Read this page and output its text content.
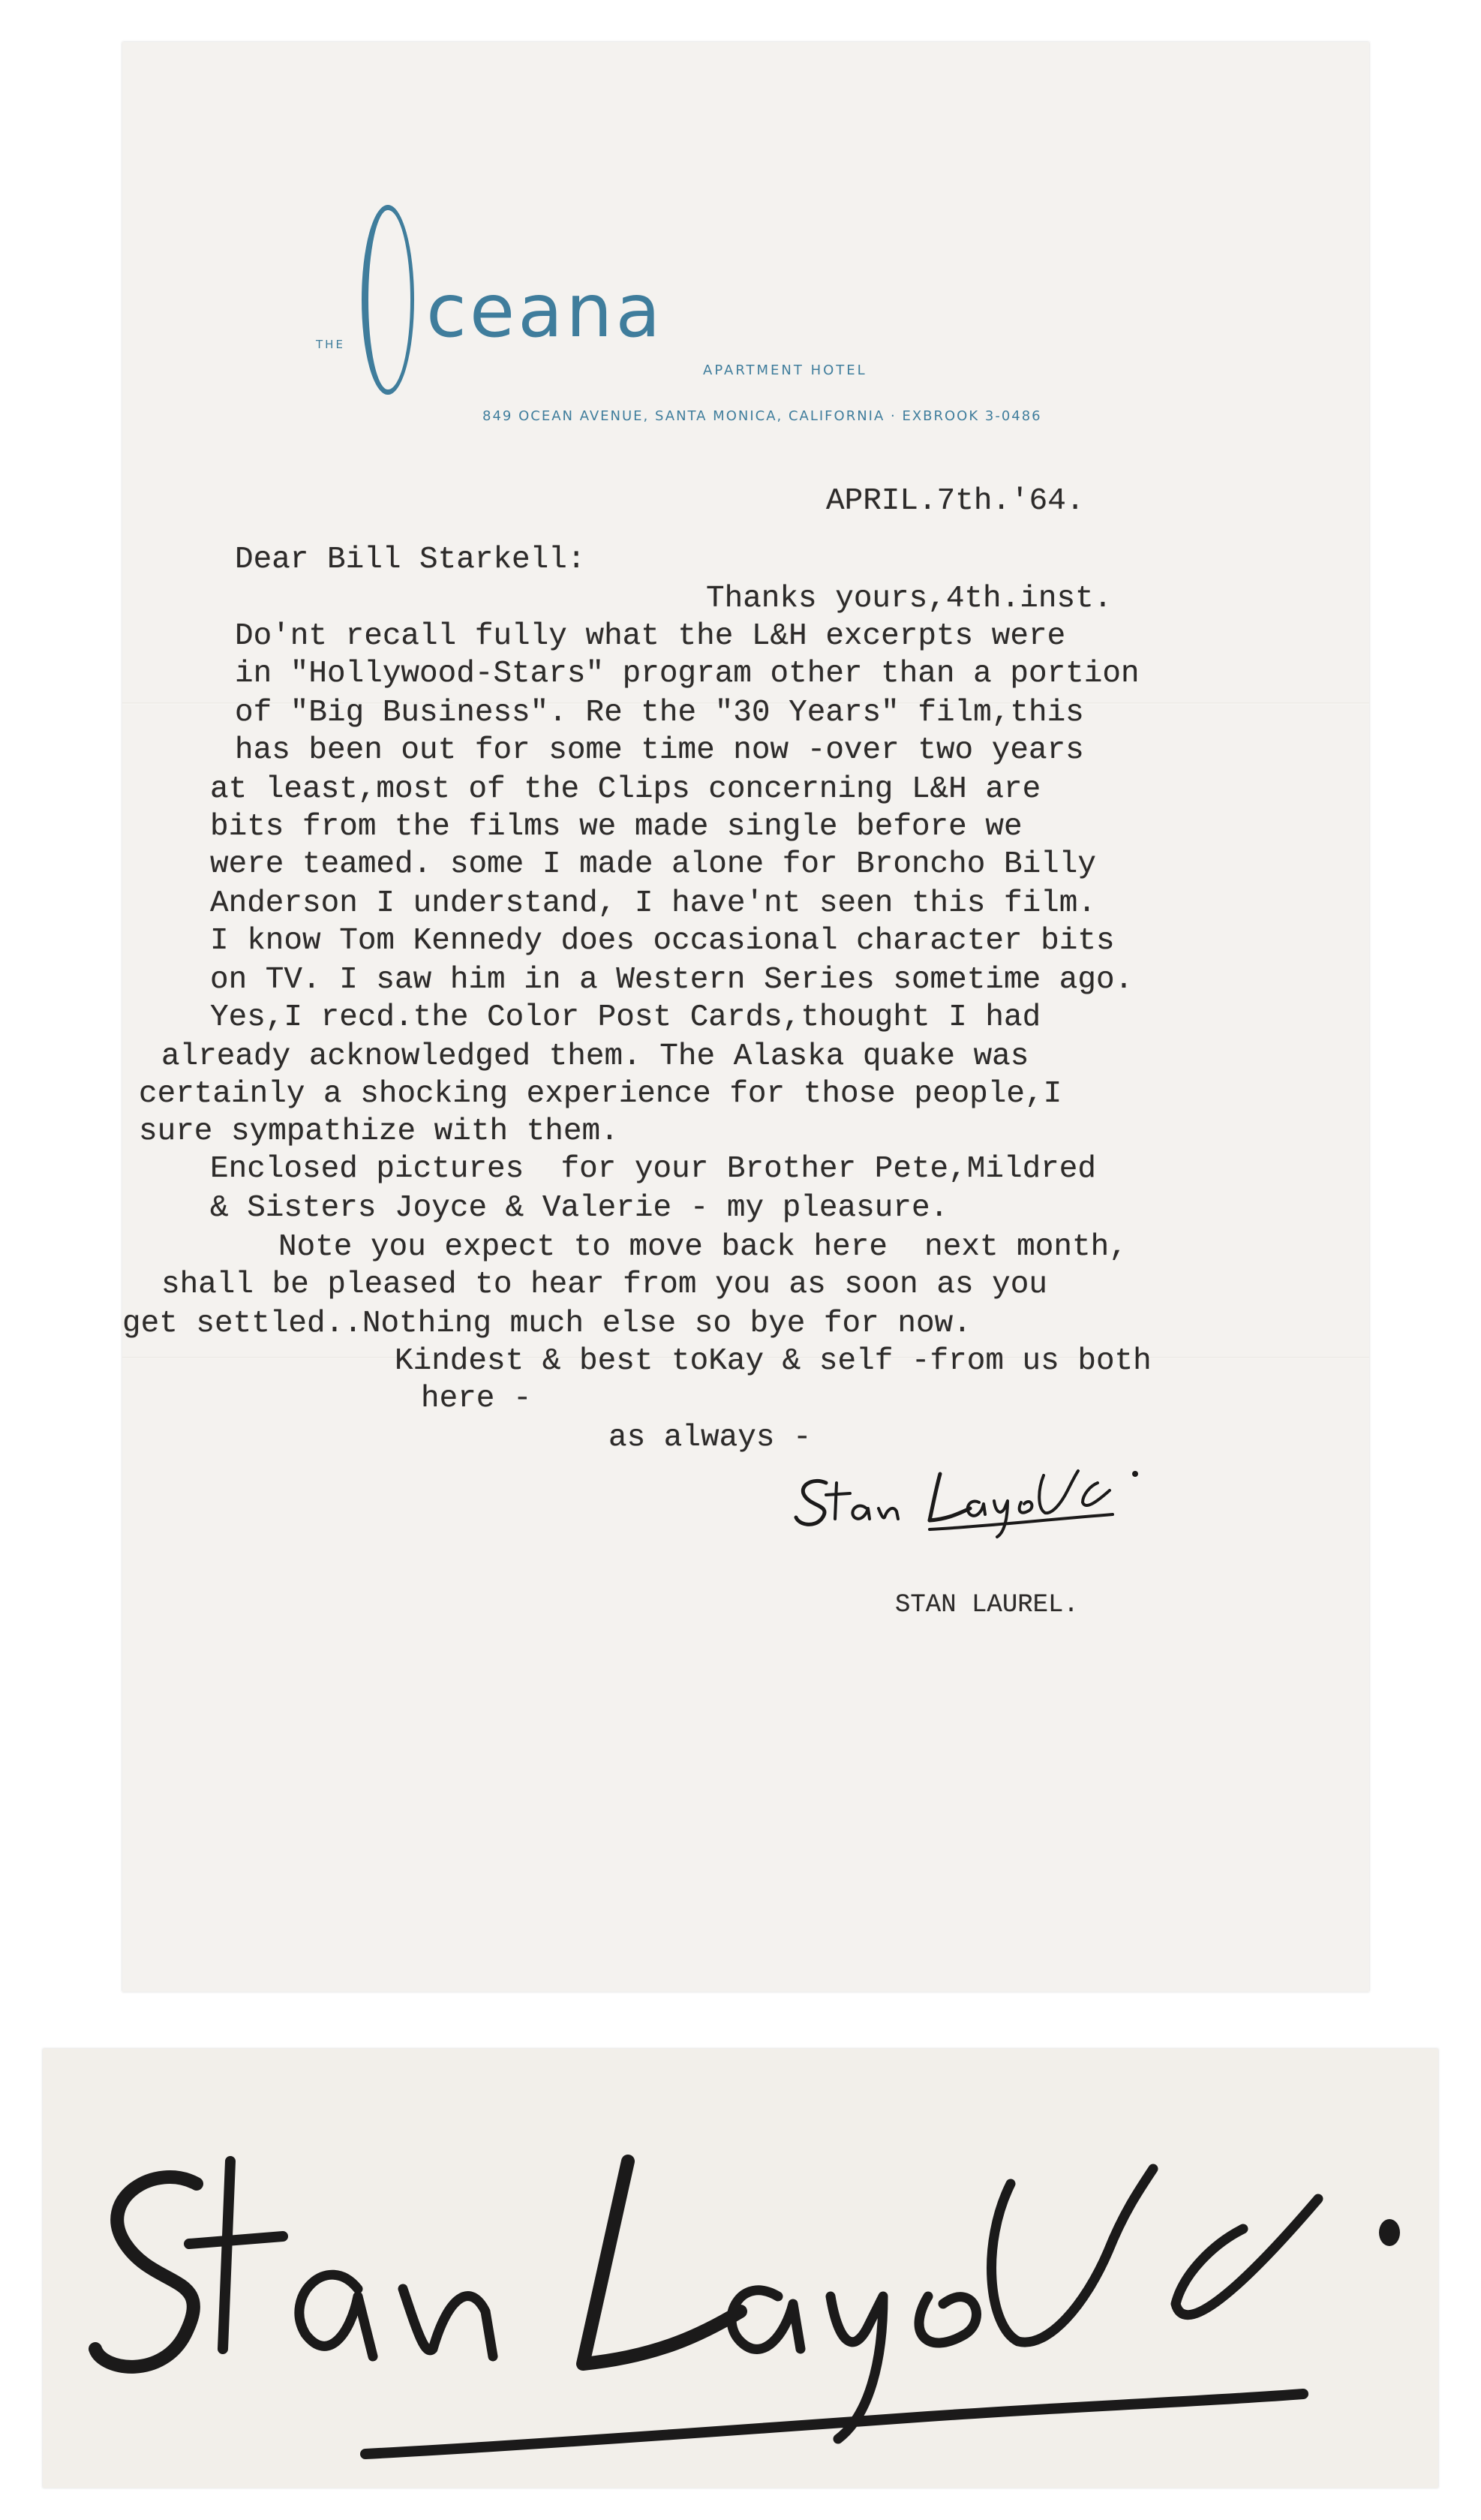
THE ceana
APARTMENT HOTEL
849 OCEAN AVENUE, SANTA MONICA, CALIFORNIA · EXBROOK 3-0486
APRIL.7th.'64.
Dear Bill Starkell:
Thanks yours,4th.inst.
Do'nt recall fully what the L&H excerpts were
in "Hollywood-Stars" program other than a portion
of "Big Business". Re the "30 Years" film,this
has been out for some time now -over two years
at least,most of the Clips concerning L&H are
bits from the films we made single before we
were teamed. some I made alone for Broncho Billy
Anderson I understand, I have'nt seen this film.
I know Tom Kennedy does occasional character bits
on TV. I saw him in a Western Series sometime ago.
Yes,I recd.the Color Post Cards,thought I had
already acknowledged them. The Alaska quake was
certainly a shocking experience for those people,I
sure sympathize with them.
Enclosed pictures  for your Brother Pete,Mildred
& Sisters Joyce & Valerie - my pleasure.
Note you expect to move back here  next month,
shall be pleased to hear from you as soon as you
get settled..Nothing much else so bye for now.
Kindest & best toKay & self -from us both
here -
as always -
STAN LAUREL.
